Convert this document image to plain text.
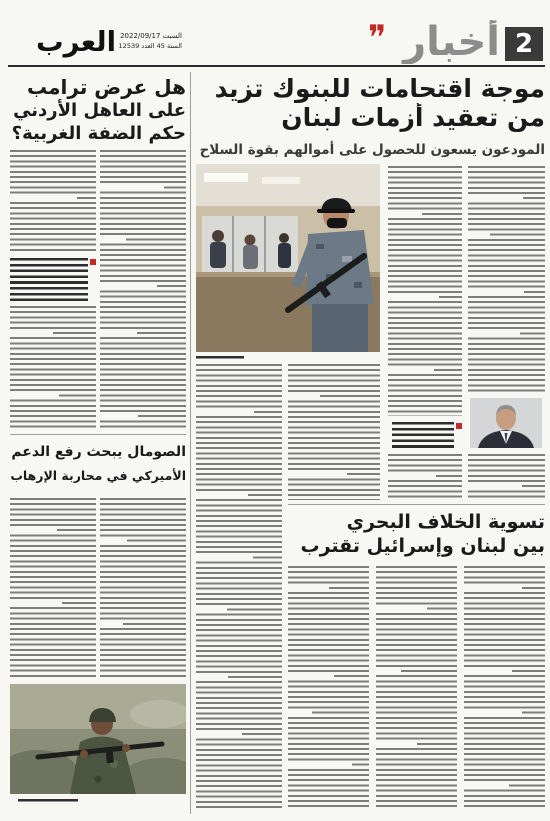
العرب السبت 2022/09/17
السنة 45 العدد 12539	❞ أخبار 2
هل عرض ترامب
على العاهل الأردني
حكم الضفة الغربية؟
الصومال يبحث رفع الدعم
الأميركي في محاربة الإرهاب
موجة اقتحامات للبنوك تزيد
من تعقيد أزمات لبنان
المودعون يسعون للحصول على أموالهم بقوة السلاح
تسوية الخلاف البحري
بين لبنان وإسرائيل تقترب
